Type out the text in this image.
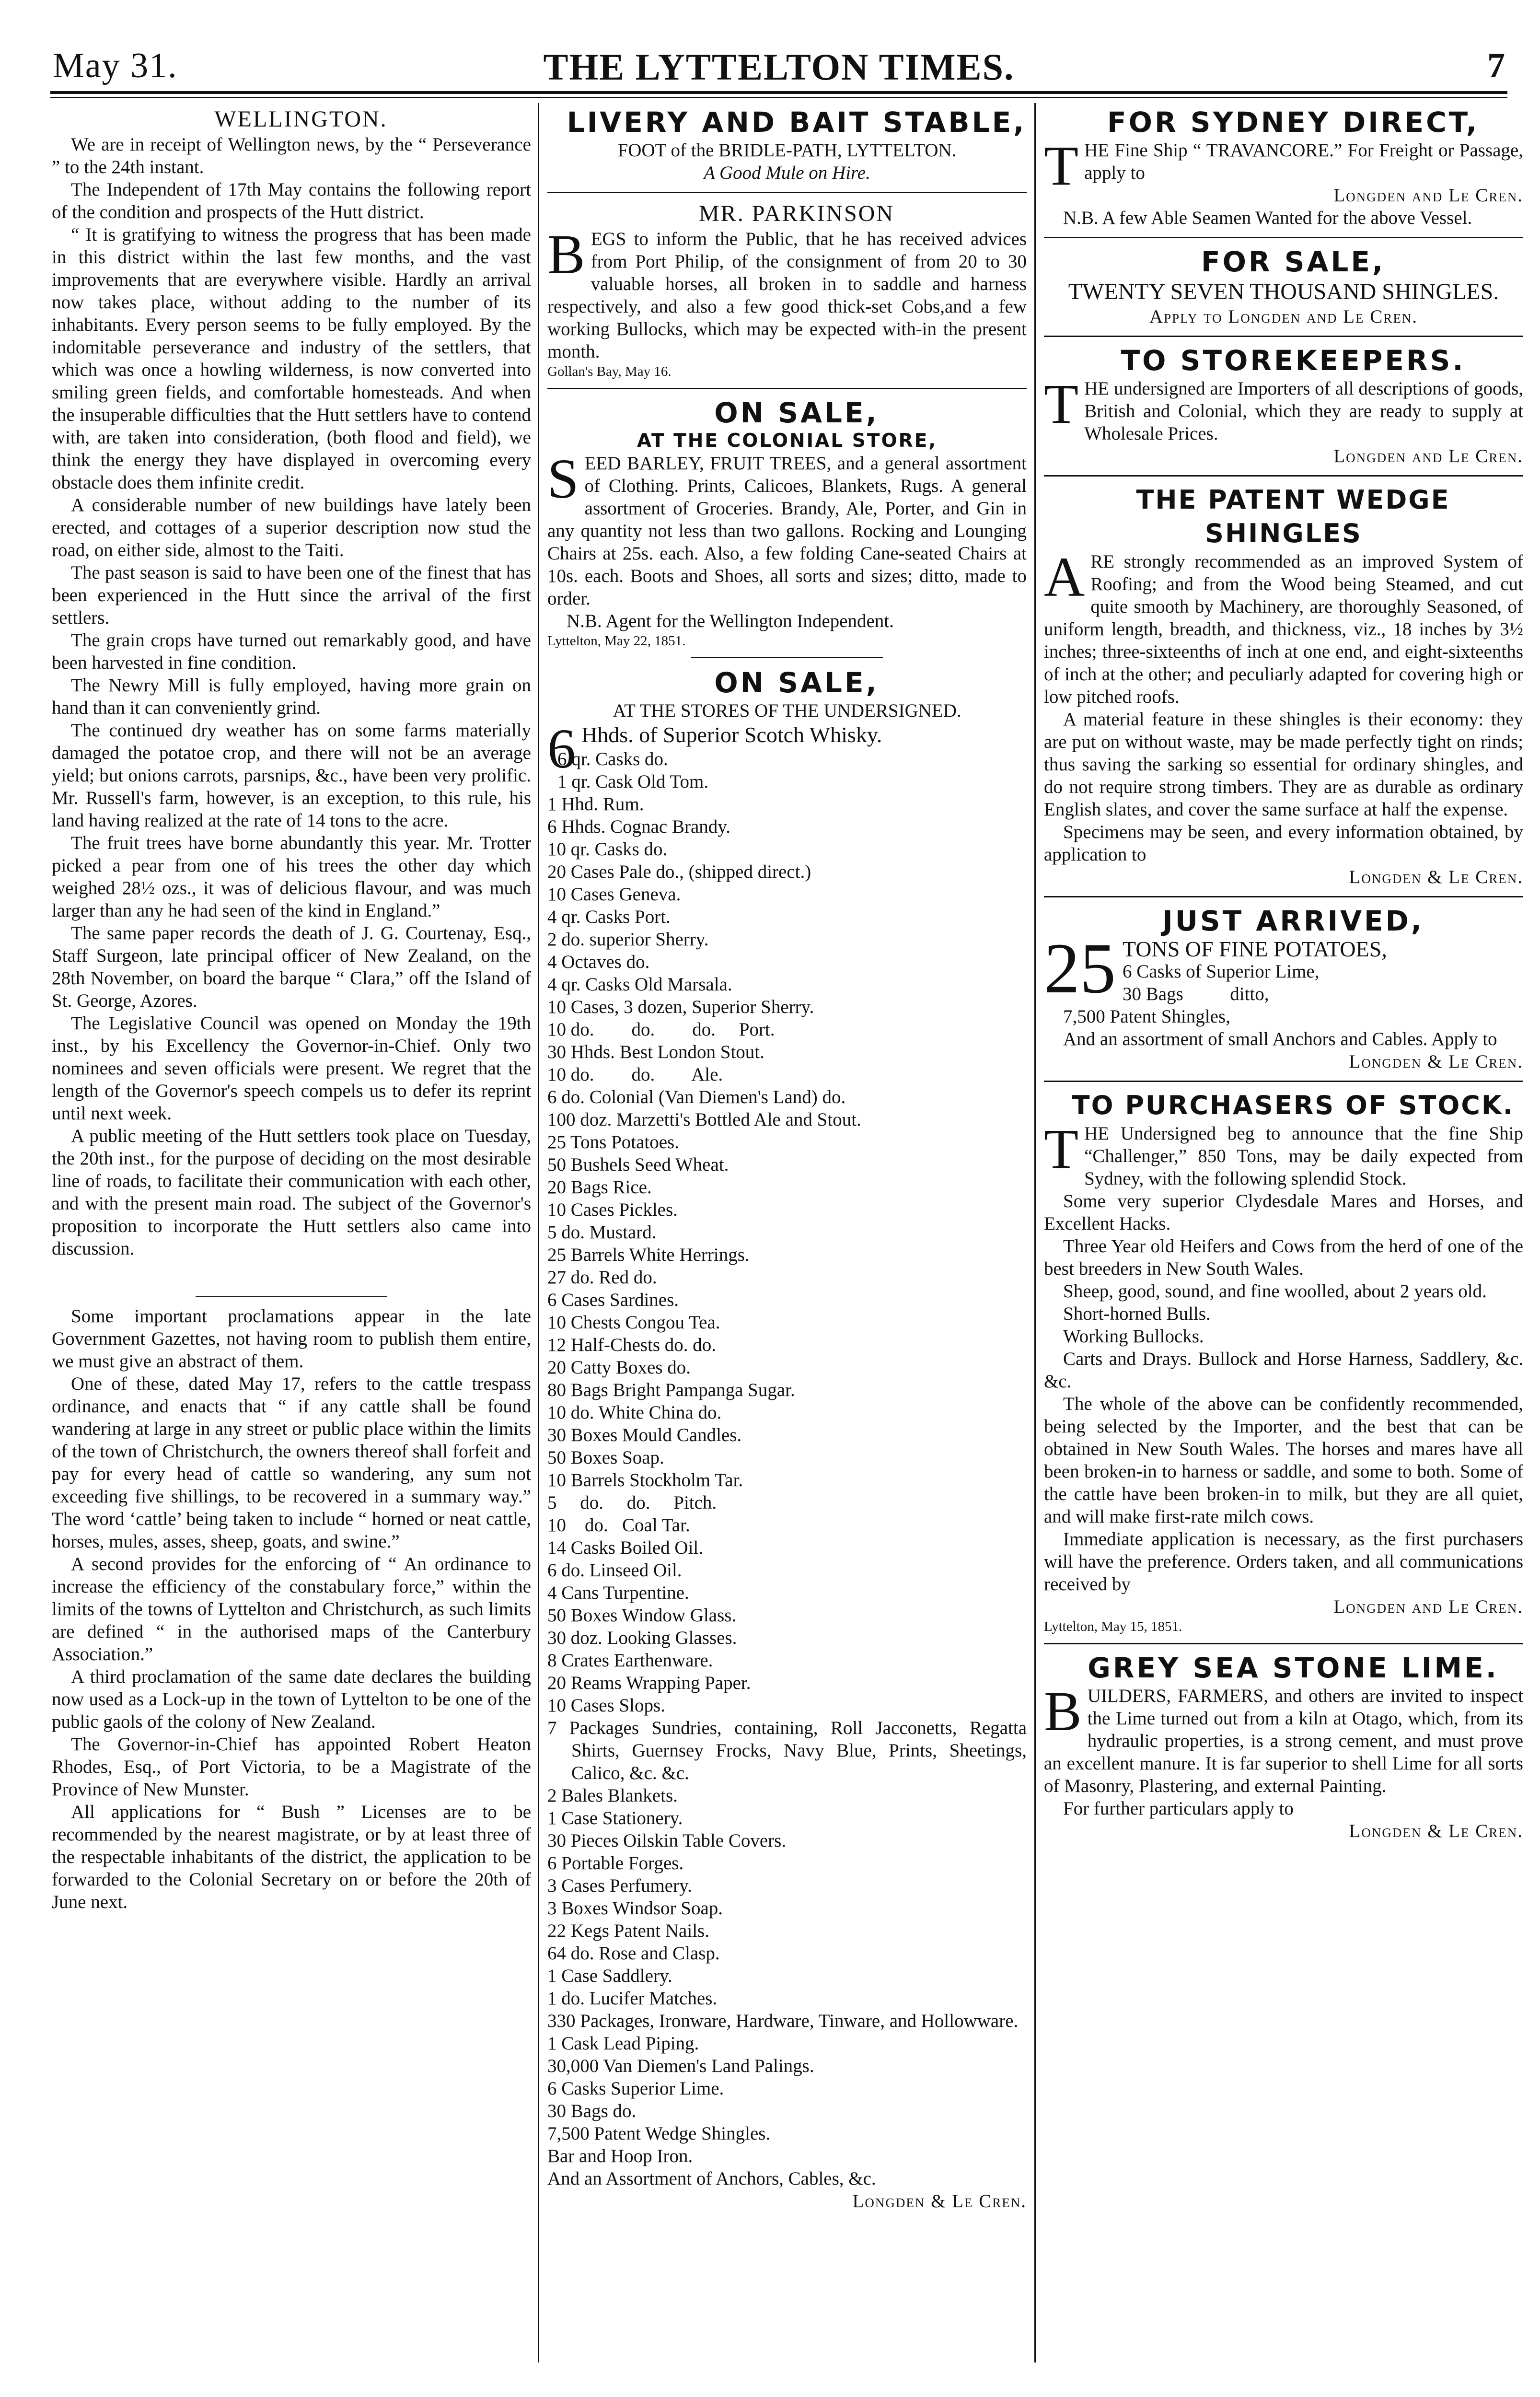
May 31.	THE LYTTELTON TIMES.	7

WELLINGTON.

We are in receipt of Wellington news, by the “ Perseverance ” to the 24th instant.

The Independent of 17th May contains the following report of the condition and prospects of the Hutt district.

“ It is gratifying to witness the progress that has been made in this district within the last few months, and the vast improvements that are everywhere visible. Hardly an arrival now takes place, without adding to the number of its inhabitants. Every person seems to be fully employed. By the indomitable perseverance and industry of the settlers, that which was once a howling wilderness, is now converted into smiling green fields, and comfortable homesteads. And when the insuperable difficulties that the Hutt settlers have to contend with, are taken into consideration, (both flood and field), we think the energy they have displayed in overcoming every obstacle does them infinite credit.

A considerable number of new buildings have lately been erected, and cottages of a superior description now stud the road, on either side, almost to the Taiti.

The past season is said to have been one of the finest that has been experienced in the Hutt since the arrival of the first settlers.

The grain crops have turned out remarkably good, and have been harvested in fine condition.

The Newry Mill is fully employed, having more grain on hand than it can conveniently grind.

The continued dry weather has on some farms materially damaged the potatoe crop, and there will not be an average yield; but onions carrots, parsnips, &c., have been very prolific. Mr. Russell's farm, however, is an exception, to this rule, his land having realized at the rate of 14 tons to the acre.

The fruit trees have borne abundantly this year. Mr. Trotter picked a pear from one of his trees the other day which weighed 28½ ozs., it was of delicious flavour, and was much larger than any he had seen of the kind in England.”

The same paper records the death of J. G. Courtenay, Esq., Staff Surgeon, late principal officer of New Zealand, on the 28th November, on board the barque “ Clara,” off the Island of St. George, Azores.

The Legislative Council was opened on Monday the 19th inst., by his Excellency the Governor-in-Chief. Only two nominees and seven officials were present. We regret that the length of the Governor's speech compels us to defer its reprint until next week.

A public meeting of the Hutt settlers took place on Tuesday, the 20th inst., for the purpose of deciding on the most desirable line of roads, to facilitate their communication with each other, and with the present main road. The subject of the Governor's proposition to incorporate the Hutt settlers also came into discussion.

Some important proclamations appear in the late Government Gazettes, not having room to publish them entire, we must give an abstract of them.

One of these, dated May 17, refers to the cattle trespass ordinance, and enacts that “ if any cattle shall be found wandering at large in any street or public place within the limits of the town of Christchurch, the owners thereof shall forfeit and pay for every head of cattle so wandering, any sum not exceeding five shillings, to be recovered in a summary way.” The word ‘cattle’ being taken to include “ horned or neat cattle, horses, mules, asses, sheep, goats, and swine.”

A second provides for the enforcing of “ An ordinance to increase the efficiency of the constabulary force,” within the limits of the towns of Lyttelton and Christchurch, as such limits are defined “ in the authorised maps of the Canterbury Association.”

A third proclamation of the same date declares the building now used as a Lock-up in the town of Lyttelton to be one of the public gaols of the colony of New Zealand.

The Governor-in-Chief has appointed Robert Heaton Rhodes, Esq., of Port Victoria, to be a Magistrate of the Province of New Munster.

All applications for “ Bush ” Licenses are to be recommended by the nearest magistrate, or by at least three of the respectable inhabitants of the district, the application to be forwarded to the Colonial Secretary on or before the 20th of June next.

LIVERY AND BAIT STABLE,

FOOT of the BRIDLE-PATH, LYTTELTON.

A Good Mule on Hire.

MR. PARKINSON

BEGS to inform the Public, that he has received advices from Port Philip, of the consignment of from 20 to 30 valuable horses, all broken in to saddle and harness respectively, and also a few good thick-set Cobs,and a few working Bullocks, which may be expected with-in the present month.

Gollan's Bay, May 16.

ON SALE,

AT THE COLONIAL STORE,

SEED BARLEY, FRUIT TREES, and a general assortment of Clothing. Prints, Calicoes, Blankets, Rugs. A general assortment of Groceries. Brandy, Ale, Porter, and Gin in any quantity not less than two gallons. Rocking and Lounging Chairs at 25s. each. Also, a few folding Cane-seated Chairs at 10s. each. Boots and Shoes, all sorts and sizes; ditto, made to order.

N.B. Agent for the Wellington Independent.

Lyttelton, May 22, 1851.

ON SALE,

AT THE STORES OF THE UNDERSIGNED.

6 Hhds. of Superior Scotch Whisky.

6 qr. Casks do.

1 qr. Cask Old Tom.

1 Hhd. Rum.

6 Hhds. Cognac Brandy.

10 qr. Casks do.

20 Cases Pale do., (shipped direct.)

10 Cases Geneva.

4 qr. Casks Port.

2 do. superior Sherry.

4 Octaves do.

4 qr. Casks Old Marsala.

10 Cases, 3 dozen, Superior Sherry.

10 do.        do.        do.     Port.

30 Hhds. Best London Stout.

10 do.        do.        Ale.

6 do. Colonial (Van Diemen's Land) do.

100 doz. Marzetti's Bottled Ale and Stout.

25 Tons Potatoes.

50 Bushels Seed Wheat.

20 Bags Rice.

10 Cases Pickles.

5 do. Mustard.

25 Barrels White Herrings.

27 do. Red do.

6 Cases Sardines.

10 Chests Congou Tea.

12 Half-Chests do. do.

20 Catty Boxes do.

80 Bags Bright Pampanga Sugar.

10 do. White China do.

30 Boxes Mould Candles.

50 Boxes Soap.

10 Barrels Stockholm Tar.

5     do.     do.     Pitch.

10    do.   Coal Tar.

14 Casks Boiled Oil.

6 do. Linseed Oil.

4 Cans Turpentine.

50 Boxes Window Glass.

30 doz. Looking Glasses.

8 Crates Earthenware.

20 Reams Wrapping Paper.

10 Cases Slops.

7 Packages Sundries, containing, Roll Jacconetts, Regatta Shirts, Guernsey Frocks, Navy Blue, Prints, Sheetings, Calico, &c. &c.

2 Bales Blankets.

1 Case Stationery.

30 Pieces Oilskin Table Covers.

6 Portable Forges.

3 Cases Perfumery.

3 Boxes Windsor Soap.

22 Kegs Patent Nails.

64 do. Rose and Clasp.

1 Case Saddlery.

1 do. Lucifer Matches.

330 Packages, Ironware, Hardware, Tinware, and Hollowware.

1 Cask Lead Piping.

30,000 Van Diemen's Land Palings.

6 Casks Superior Lime.

30 Bags do.

7,500 Patent Wedge Shingles.

Bar and Hoop Iron.

And an Assortment of Anchors, Cables, &c.

Longden & Le Cren.

FOR SYDNEY DIRECT,

THE Fine Ship “ TRAVANCORE.” For Freight or Passage, apply to

Longden and Le Cren.

N.B. A few Able Seamen Wanted for the above Vessel.

FOR SALE,

TWENTY SEVEN THOUSAND SHINGLES.

Apply to Longden and Le Cren.

TO STOREKEEPERS.

THE undersigned are Importers of all descriptions of goods, British and Colonial, which they are ready to supply at Wholesale Prices.

Longden and Le Cren.

THE PATENT WEDGE SHINGLES

ARE strongly recommended as an improved System of Roofing; and from the Wood being Steamed, and cut quite smooth by Machinery, are thoroughly Seasoned, of uniform length, breadth, and thickness, viz., 18 inches by 3½ inches; three-sixteenths of inch at one end, and eight-sixteenths of inch at the other; and peculiarly adapted for covering high or low pitched roofs.

A material feature in these shingles is their economy: they are put on without waste, may be made perfectly tight on rinds; thus saving the sarking so essential for ordinary shingles, and do not require strong timbers. They are as durable as ordinary English slates, and cover the same surface at half the expense.

Specimens may be seen, and every information obtained, by application to

Longden & Le Cren.

JUST ARRIVED,

25 TONS OF FINE POTATOES,

6 Casks of Superior Lime,

30 Bags          ditto,

7,500 Patent Shingles,

And an assortment of small Anchors and Cables. Apply to

Longden & Le Cren.

TO PURCHASERS OF STOCK.

THE Undersigned beg to announce that the fine Ship “Challenger,” 850 Tons, may be daily expected from Sydney, with the following splendid Stock.

Some very superior Clydesdale Mares and Horses, and Excellent Hacks.

Three Year old Heifers and Cows from the herd of one of the best breeders in New South Wales.

Sheep, good, sound, and fine woolled, about 2 years old.

Short-horned Bulls.

Working Bullocks.

Carts and Drays. Bullock and Horse Harness, Saddlery, &c. &c.

The whole of the above can be confidently recommended, being selected by the Importer, and the best that can be obtained in New South Wales. The horses and mares have all been broken-in to harness or saddle, and some to both. Some of the cattle have been broken-in to milk, but they are all quiet, and will make first-rate milch cows.

Immediate application is necessary, as the first purchasers will have the preference. Orders taken, and all communications received by

Longden and Le Cren.

Lyttelton, May 15, 1851.

GREY SEA STONE LIME.

BUILDERS, FARMERS, and others are invited to inspect the Lime turned out from a kiln at Otago, which, from its hydraulic properties, is a strong cement, and must prove an excellent manure. It is far superior to shell Lime for all sorts of Masonry, Plastering, and external Painting.

For further particulars apply to

Longden & Le Cren.
